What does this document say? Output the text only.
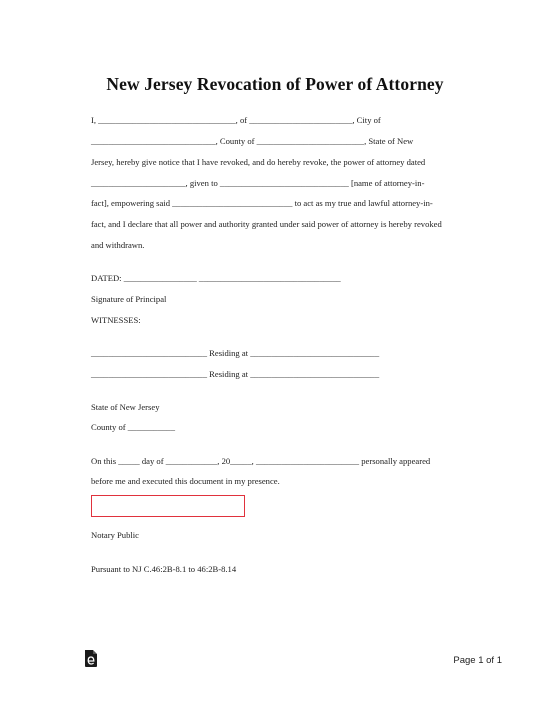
New Jersey Revocation of Power of Attorney
I, ________________________________, of ________________________, City of
_____________________________, County of _________________________, State of New
Jersey, hereby give notice that I have revoked, and do hereby revoke, the power of attorney dated
______________________, given to ______________________________ [name of attorney-in-
fact], empowering said ____________________________ to act as my true and lawful attorney-in-
fact, and I declare that all power and authority granted under said power of attorney is hereby revoked
and withdrawn.
DATED: _________________ _________________________________
Signature of Principal
WITNESSES:
___________________________ Residing at ______________________________
___________________________ Residing at ______________________________
State of New Jersey
County of ___________
On this _____ day of ____________, 20_____, ________________________ personally appeared
before me and executed this document in my presence.
Notary Public
Pursuant to NJ C.46:2B-8.1 to 46:2B-8.14
Page 1 of 1
